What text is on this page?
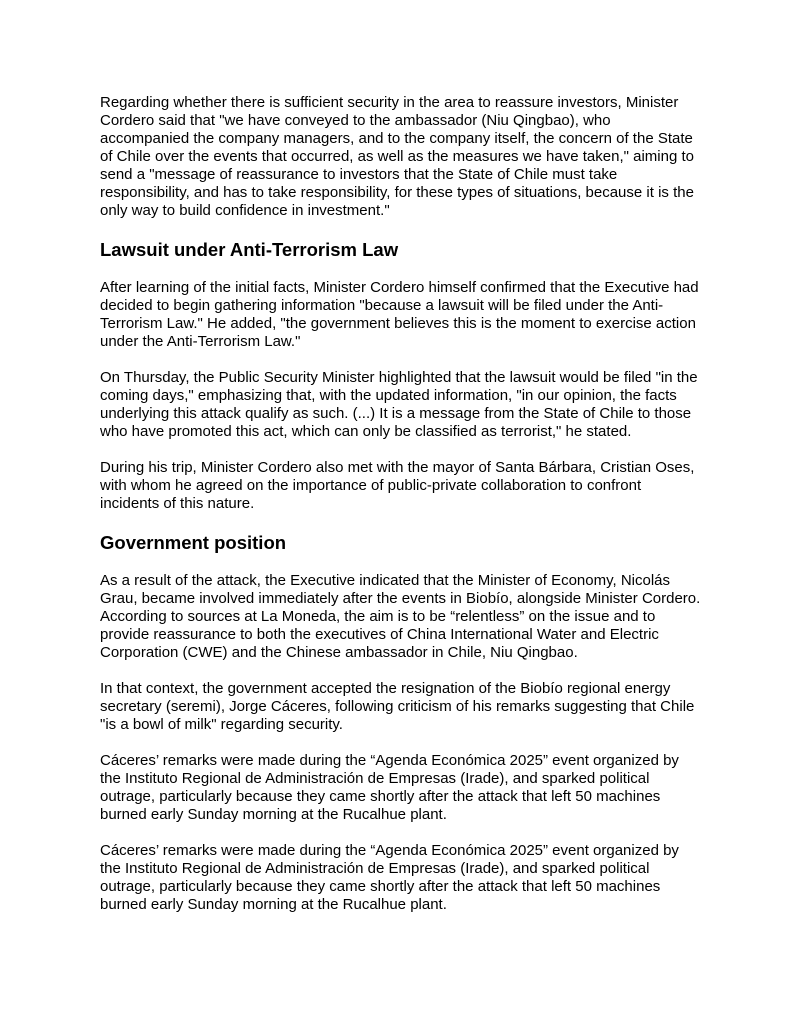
Regarding whether there is sufficient security in the area to reassure investors, Minister Cordero said that "we have conveyed to the ambassador (Niu Qingbao), who accompanied the company managers, and to the company itself, the concern of the State of Chile over the events that occurred, as well as the measures we have taken," aiming to send a "message of reassurance to investors that the State of Chile must take responsibility, and has to take responsibility, for these types of situations, because it is the only way to build confidence in investment."

Lawsuit under Anti-Terrorism Law

After learning of the initial facts, Minister Cordero himself confirmed that the Executive had decided to begin gathering information "because a lawsuit will be filed under the Anti-Terrorism Law." He added, "the government believes this is the moment to exercise action under the Anti-Terrorism Law."

On Thursday, the Public Security Minister highlighted that the lawsuit would be filed "in the coming days," emphasizing that, with the updated information, "in our opinion, the facts underlying this attack qualify as such. (...) It is a message from the State of Chile to those who have promoted this act, which can only be classified as terrorist," he stated.

During his trip, Minister Cordero also met with the mayor of Santa Bárbara, Cristian Oses, with whom he agreed on the importance of public-private collaboration to confront incidents of this nature.

Government position

As a result of the attack, the Executive indicated that the Minister of Economy, Nicolás Grau, became involved immediately after the events in Biobío, alongside Minister Cordero. According to sources at La Moneda, the aim is to be “relentless” on the issue and to provide reassurance to both the executives of China International Water and Electric Corporation (CWE) and the Chinese ambassador in Chile, Niu Qingbao.

In that context, the government accepted the resignation of the Biobío regional energy secretary (seremi), Jorge Cáceres, following criticism of his remarks suggesting that Chile "is a bowl of milk" regarding security.

Cáceres’ remarks were made during the “Agenda Económica 2025” event organized by the Instituto Regional de Administración de Empresas (Irade), and sparked political outrage, particularly because they came shortly after the attack that left 50 machines burned early Sunday morning at the Rucalhue plant.

Cáceres’ remarks were made during the “Agenda Económica 2025” event organized by the Instituto Regional de Administración de Empresas (Irade), and sparked political outrage, particularly because they came shortly after the attack that left 50 machines burned early Sunday morning at the Rucalhue plant.
